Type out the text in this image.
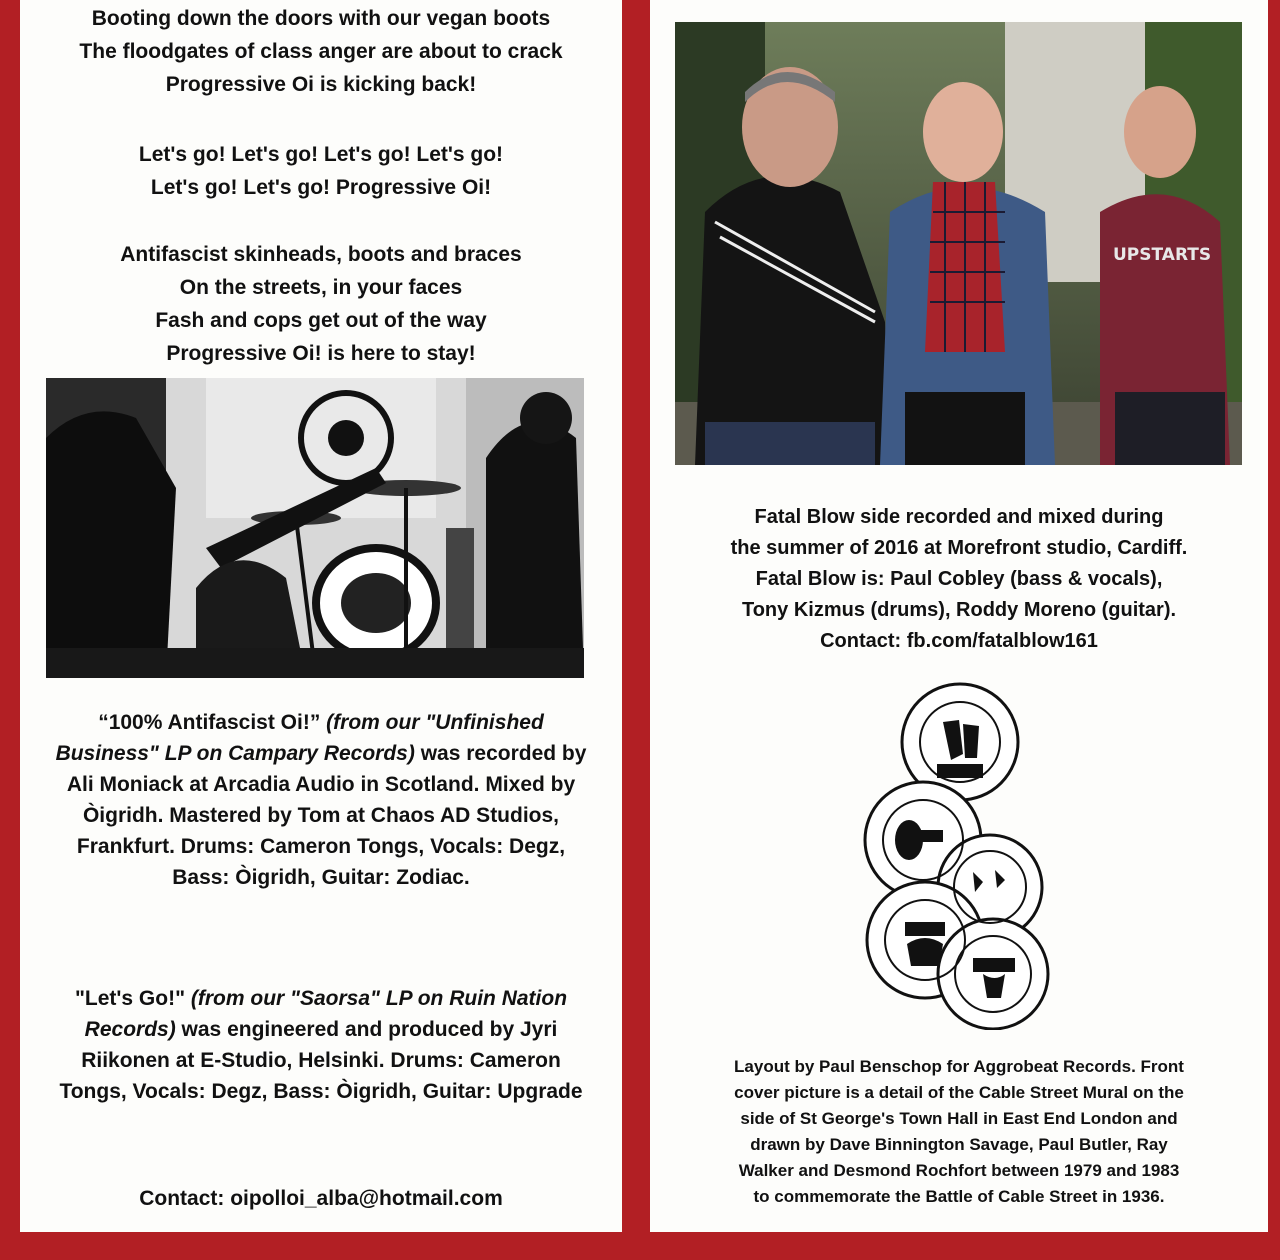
Booting down the doors with our vegan boots
The floodgates of class anger are about to crack
Progressive Oi is kicking back!
Let's go! Let's go! Let's go! Let's go!
Let's go! Let's go! Progressive Oi!
Antifascist skinheads, boots and braces
On the streets, in your faces
Fash and cops get out of the way
Progressive Oi! is here to stay!

“100% Antifascist Oi!” (from our "Unfinished Business" LP on Campary Records) was recorded by Ali Moniack at Arcadia Audio in Scotland. Mixed by Òigridh. Mastered by Tom at Chaos AD Studios, Frankfurt. Drums: Cameron Tongs, Vocals: Degz, Bass: Òigridh, Guitar: Zodiac.

"Let's Go!" (from our "Saorsa" LP on Ruin Nation Records) was engineered and produced by Jyri Riikonen at E-Studio, Helsinki. Drums: Cameron Tongs, Vocals: Degz, Bass: Òigridh, Guitar: Upgrade

Contact: oipolloi_alba@hotmail.com
UPSTARTS

Fatal Blow side recorded and mixed during

the summer of 2016 at Morefront studio, Cardiff.

Fatal Blow is: Paul Cobley (bass & vocals),

Tony Kizmus (drums), Roddy Moreno (guitar).

Contact: fb.com/fatalblow161

Layout by Paul Benschop for Aggrobeat Records. Front

cover picture is a detail of the Cable Street Mural on the

side of St George's Town Hall in East End London and

drawn by Dave Binnington Savage, Paul Butler, Ray

Walker and Desmond Rochfort between 1979 and 1983

to commemorate the Battle of Cable Street in 1936.
